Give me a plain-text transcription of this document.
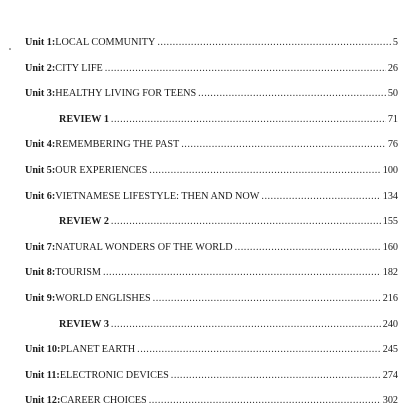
Unit 1: LOCAL COMMUNITY .....	5
Unit 2: CITY LIFE .....	26
Unit 3: HEALTHY LIVING FOR TEENS .....	50
REVIEW 1 .....	71
Unit 4: REMEMBERING THE PAST .....	76
Unit 5: OUR EXPERIENCES .....	100
Unit 6: VIETNAMESE LIFESTYLE: THEN AND NOW .....	134
REVIEW 2 .....	155
Unit 7: NATURAL WONDERS OF THE WORLD .....	160
Unit 8: TOURISM .....	182
Unit 9: WORLD ENGLISHES .....	216
REVIEW 3 .....	240
Unit 10: PLANET EARTH .....	245
Unit 11: ELECTRONIC DEVICES .....	274
Unit 12: CAREER CHOICES .....	302
